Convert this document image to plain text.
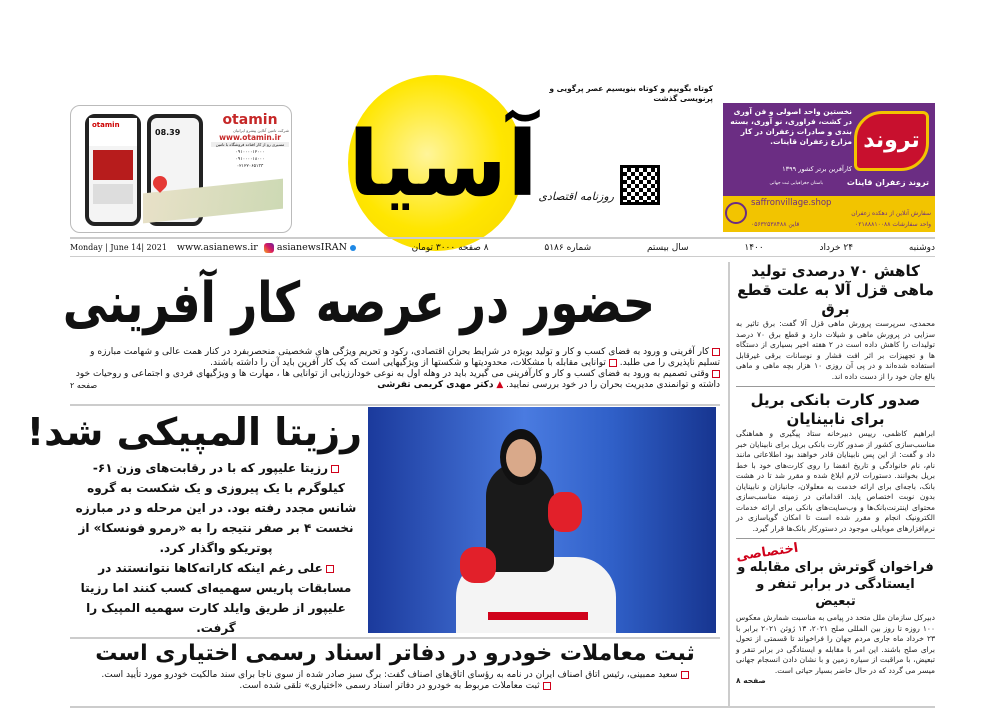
otamin
08.39
otamin
شرکت تامین آنلاین پیشرو ایرانیان
www.otamin.ir
مسیری رو از کار افتاده فروشگاه با تامین
۰۹۱۰۰۰۰۱۲۰۰۰
۰۹۱۰۰۰۰۱۸۰۰۰
۰۲۱۲۲۰۶۵۱۳۳ آسیا
کوتاه بگوییم و کوتاه بنویسیم عصر پرگویی و پرنویسی گذشت
روزنامه اقتصادی
تروند
نخستین واحد اصولی و فن آوری در کشت، فراوری، نو آوری، بسته بندی و صادرات زعفران در کار مزارع زعفران قاینات.
کارآفرین برتر کشور ۱۳۹۹
تروند زعفران قاینات
باستان جغرافیایی ثبت جهانی
saffronvillage.shop
سفارش آنلاین از دهکده زعفران
قاین ۰۵۶۳۲۵۳۸۴۸۸	واحد سفارشات ۰۲۱۸۸۸۱۰۰۸۸
Monday | June 14| 2021 www.asianews.ir asianewsIRAN	۸ صفحه ۳۰۰۰ تومان	شماره ۵۱۸۶	سال بیستم	۱۴۰۰	۲۴ خرداد	دوشنبه
حضور در عرصه کار آفرینی
کار آفرینی و ورود به فضای کسب و کار و تولید بویژه در شرایط بحران اقتصادی، رکود و تحریم ویژگی های شخصیتی منحصربفرد در کنار همت عالی و شهامت مبارزه و تسلیم ناپذیری را می طلبد. توانایی مقابله با مشکلات، محدودیتها و شکستها از ویژگیهایی است که یک کار آفرین باید آن را داشته باشند.
وقتی تصمیم به ورود به فضای کسب و کار و کارآفرینی می گیرید باید در وهله اول به نوعی خودارزیابی از توانایی ها ، مهارت ها و ویژگیهای فردی و اجتماعی و روحیات خود داشته و توانمندی مدیریت بحران را در خود بررسی نمایید. ▲ دکتر مهدی کریمی تفرشی
صفحه ۲
رزیتا المپیکی شد!
رزیتا علیپور که با در رقابت‌های وزن ۶۱- کیلوگرم با یک پیروزی و یک شکست به گروه شانس مجدد رفته بود. در این مرحله و در مبارزه نخست ۴ بر صفر نتیجه را به «رمرو فونسکا» از پوتریکو واگذار کرد.
علی رغم اینکه کاراته‌کاها نتوانستند در مسابقات پاریس سهمیه‌ای کسب کنند اما رزیتا علیپور از طریق وایلد کارت سهمیه المپیک را گرفت.
ثبت معاملات خودرو در دفاتر اسناد رسمی اختیاری است
سعید ممبینی، رئیس اتاق اصناف ایران در نامه به رؤسای اتاق‌های اصناف گفت: برگ سبز صادر شده از سوی ناجا برای سند مالکیت خودرو مورد تأیید است.
ثبت معاملات مربوط به خودرو در دفاتر اسناد رسمی «اختیاری» تلقی شده است.
کاهش ۷۰ درصدی تولید ماهی قزل آلا به علت قطع برق

محمدی، سرپرست پرورش ماهی قزل آلا گفت: برق تاثیر به سزایی در پرورش ماهی و شیلات دارد و قطع برق ۷۰ درصد تولیدات را کاهش داده است در ۲ هفته اخیر بسیاری از دستگاه ها و تجهیزات بر اثر افت فشار و نوسانات برقی غیرقابل استفاده شده‌اند و در پی آن روزی ۱۰ هزار بچه ماهی و ماهی بالغ جان خود را از دست داده اند.

صدور کارت بانکی بریل برای نابینایان

ابراهیم کاظمی، رییس دبیرخانه ستاد پیگیری و هماهنگی مناسب‌سازی کشور از صدور کارت بانکی بریل برای نابینایان خبر داد و گفت: از این پس نابینایان قادر خواهند بود اطلاعاتی مانند نام، نام خانوادگی و تاریخ انقضا را روی کارت‌های خود با خط بریل بخوانند. دستورات لازم ابلاغ شده و مقرر شد تا در هشت بانک، باجه‌ای برای ارائه خدمت به معلولان، جانبازان و نابینایان بدون نوبت اختصاص یابد. اقداماتی در زمینه مناسب‌سازی محتوای اینترنت‌بانک‌ها و وب‌سایت‌های بانکی برای ارائه خدمات الکترونیک انجام و مقرر شده است تا امکان گویاسازی در نرم‌افزارهای موبایلی موجود در دستورکار بانک‌ها قرار گیرد.

اختصاصی
فراخوان گوترش برای مقابله و ایستادگی در برابر تنفر و تبعیض

دبیرکل سازمان ملل متحد در پیامی به مناسبت شمارش معکوس ۱۰۰ روزه تا روز بین المللی صلح ۲۰۲۱، ۱۳ ژوئن ۲۰۲۱ برابر با ۲۳ خرداد ماه جاری مردم جهان را فراخواند تا قسمتی از تحول برای صلح باشند. این امر با مقابله و ایستادگی در برابر تنفر و تبعیض، با مراقبت از سیاره زمین و با نشان دادن انسجام جهانی میسر می گردد که در حال حاضر بسیار حیاتی است.

صفحه ۸
